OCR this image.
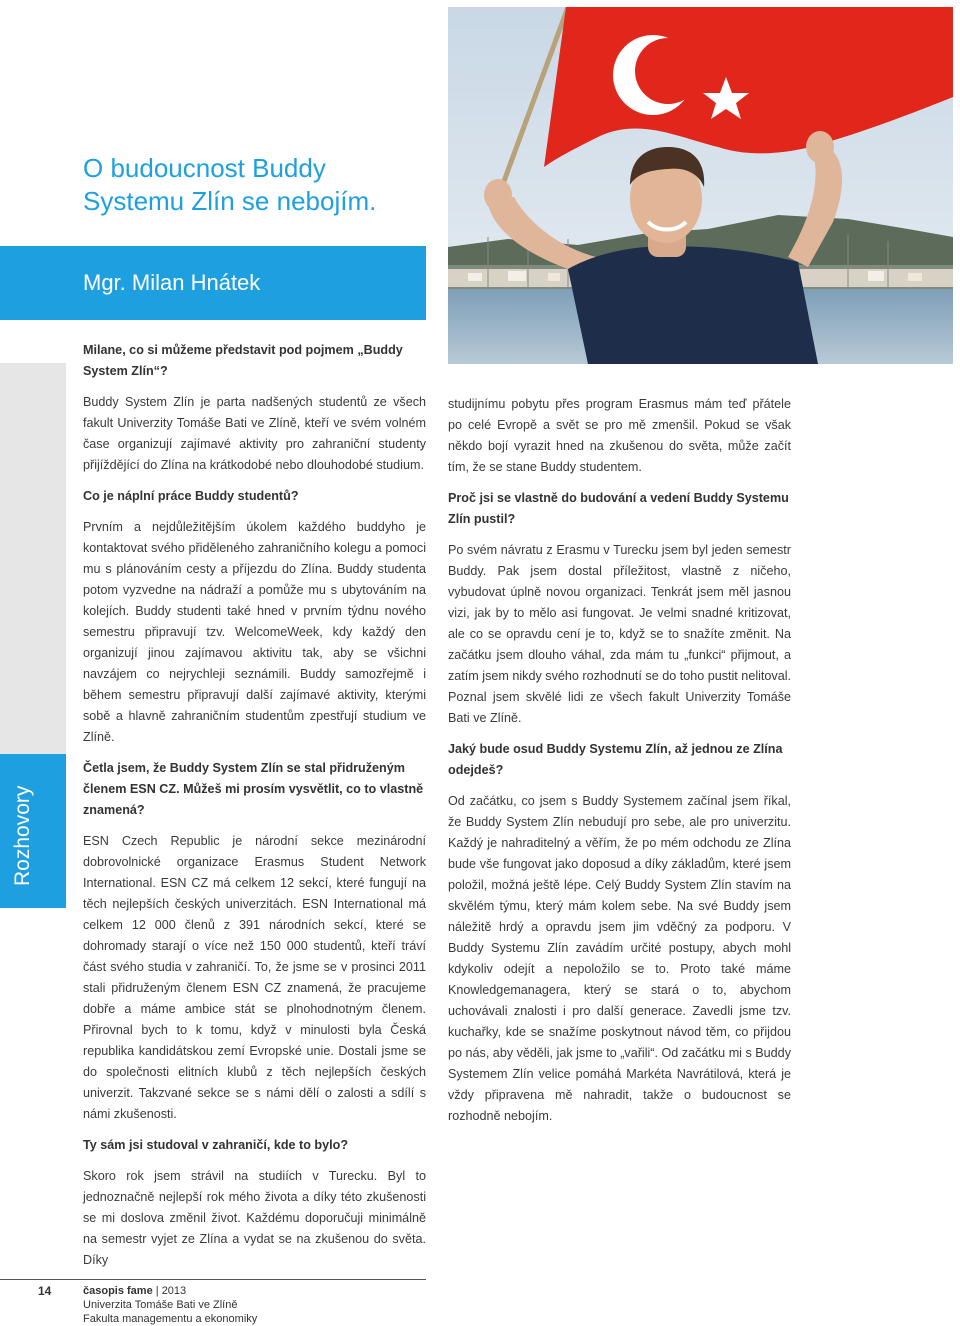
O budoucnost Buddy Systemu Zlín se nebojím.
Mgr. Milan Hnátek
Rozhovory

Milane, co si můžeme představit pod pojmem „Buddy System Zlín“?

Buddy System Zlín je parta nadšených studentů ze všech fakult Univerzity Tomáše Bati ve Zlíně, kteří ve svém volném čase organizují zajímavé aktivity pro zahraniční studenty přijíždějící do Zlína na krátkodobé nebo dlouhodobé studium.

Co je náplní práce Buddy studentů?

Prvním a nejdůležitějším úkolem každého buddyho je kontaktovat svého přiděleného zahraničního kolegu a pomoci mu s plánováním cesty a příjezdu do Zlína. Buddy studenta potom vyzvedne na nádraží a pomůže mu s ubytováním na kolejích. Buddy studenti také hned v prvním týdnu nového semestru připravují tzv. WelcomeWeek, kdy každý den organizují jinou zajímavou aktivitu tak, aby se všichni navzájem co nejrychleji seznámili. Buddy samozřejmě i během semestru připravují další zajímavé aktivity, kterými sobě a hlavně zahraničním studentům zpestřují studium ve Zlíně.

Četla jsem, že Buddy System Zlín se stal přidruženým členem ESN CZ. Můžeš mi prosím vysvětlit, co to vlastně znamená?

ESN Czech Republic je národní sekce mezinárodní dobrovolnické organizace Erasmus Student Network International. ESN CZ má celkem 12 sekcí, které fungují na těch nejlepších českých univerzitách. ESN International má celkem 12 000 členů z 391 národních sekcí, které se dohromady starají o více než 150 000 studentů, kteří tráví část svého studia v zahraničí. To, že jsme se v prosinci 2011 stali přidruženým členem ESN CZ znamená, že pracujeme dobře a máme ambice stát se plnohodnotným členem. Přirovnal bych to k tomu, když v minulosti byla Česká republika kandidátskou zemí Evropské unie. Dostali jsme se do společnosti elitních klubů z těch nejlepších českých univerzit. Takzvané sekce se s námi dělí o zalosti a sdílí s námi zkušenosti.

Ty sám jsi studoval v zahraničí, kde to bylo?

Skoro rok jsem strávil na studiích v Turecku. Byl to jednoznačně nejlepší rok mého života a díky této zkušenosti se mi doslova změnil život. Každému doporučuji minimálně na semestr vyjet ze Zlína a vydat se na zkušenou do světa. Díky

studijnímu pobytu přes program Erasmus mám teď přátele po celé Evropě a svět se pro mě zmenšil. Pokud se však někdo bojí vyrazit hned na zkušenou do světa, může začít tím, že se stane Buddy studentem.

Proč jsi se vlastně do budování a vedení Buddy Systemu Zlín pustil?

Po svém návratu z Erasmu v Turecku jsem byl jeden semestr Buddy. Pak jsem dostal příležitost, vlastně z ničeho, vybudovat úplně novou organizaci. Tenkrát jsem měl jasnou vizi, jak by to mělo asi fungovat. Je velmi snadné kritizovat, ale co se opravdu cení je to, když se to snažíte změnit. Na začátku jsem dlouho váhal, zda mám tu „funkci“ přijmout, a zatím jsem nikdy svého rozhodnutí se do toho pustit nelitoval. Poznal jsem skvělé lidi ze všech fakult Univerzity Tomáše Bati ve Zlíně.

Jaký bude osud Buddy Systemu Zlín, až jednou ze Zlína odejdeš?

Od začátku, co jsem s Buddy Systemem začínal jsem říkal, že Buddy System Zlín nebudují pro sebe, ale pro univerzitu. Každý je nahraditelný a věřím, že po mém odchodu ze Zlína bude vše fungovat jako doposud a díky základům, které jsem položil, možná ještě lépe. Celý Buddy System Zlín stavím na skvělém týmu, který mám kolem sebe. Na své Buddy jsem náležitě hrdý a opravdu jsem jim vděčný za podporu. V Buddy Systemu Zlín zavádím určité postupy, abych mohl kdykoliv odejít a nepoložilo se to. Proto také máme Knowledgemanagera, který se stará o to, abychom uchovávali znalosti i pro další generace. Zavedli jsme tzv. kuchařky, kde se snažíme poskytnout návod těm, co přijdou po nás, aby věděli, jak jsme to „vařili“. Od začátku mi s Buddy Systemem Zlín velice pomáhá Markéta Navrátilová, která je vždy připravena mě nahradit, takže o budoucnost se rozhodně nebojím.

14	časopis fame | 2013
Univerzita Tomáše Bati ve Zlíně
Fakulta managementu a ekonomiky
